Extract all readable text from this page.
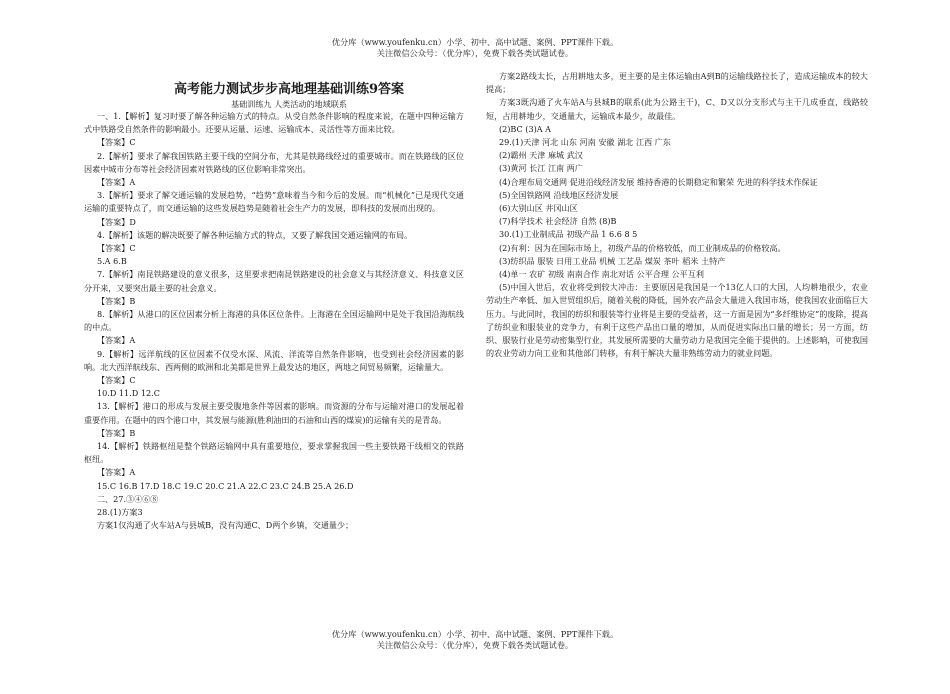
优分库（www.youfenku.cn）小学、初中、高中试题、案例、PPT课件下载。
关注微信公众号：（优分库），免费下载各类试题试卷。
高考能力测试步步高地理基础训练9答案
基础训练九 人类活动的地域联系

一、1.【解析】复习时要了解各种运输方式的特点。从受自然条件影响的程度来说，在题中四种运输方式中铁路受自然条件的影响最小。还要从运量、运速、运输成本、灵活性等方面来比较。

【答案】C

2.【解析】要求了解我国铁路主要干线的空间分布，尤其是铁路线经过的重要城市。而在铁路线的区位因素中城市分布等社会经济因素对铁路线的区位影响非常突出。

【答案】A

3.【解析】要求了解交通运输的发展趋势，“趋势”意味着当今和今后的发展。而“机械化”已是现代交通运输的重要特点了，而交通运输的这些发展趋势是随着社会生产力的发展，即科技的发展而出现的。

【答案】D

4.【解析】该题的解决既要了解各种运输方式的特点，又要了解我国交通运输网的布局。

【答案】C

5.A 6.B

7.【解析】南昆铁路建设的意义很多，这里要求把南昆铁路建设的社会意义与其经济意义、科技意义区分开来，又要突出最主要的社会意义。

【答案】B

8.【解析】从港口的区位因素分析上海港的具体区位条件。上海港在全国运输网中是处于我国沿海航线的中点。

【答案】A

9.【解析】远洋航线的区位因素不仅受水深、风流、洋流等自然条件影响，也受到社会经济因素的影响。北大西洋航线东、西两侧的欧洲和北美都是世界上最发达的地区，两地之间贸易频繁，运输量大。

【答案】C

10.D 11.D 12.C

13.【解析】港口的形成与发展主要受腹地条件等因素的影响。而资源的分布与运输对港口的发展起着重要作用。在题中的四个港口中，其发展与能源(胜利油田的石油和山西的煤炭)的运输有关的是青岛。

【答案】B

14.【解析】铁路枢纽是整个铁路运输网中具有重要地位，要求掌握我国一些主要铁路干线相交的铁路枢纽。

【答案】A

15.C 16.B 17.D 18.C 19.C 20.C 21.A 22.C 23.C 24.B 25.A 26.D

二、27.③④⑥⑧

28.(1)方案3

方案1仅沟通了火车站A与县城B，没有沟通C、D两个乡镇，交通量少；

方案2路线太长，占用耕地太多，更主要的是主体运输由A到B的运输线路拉长了，造成运输成本的较大提高；

方案3既沟通了火车站A与县城B的联系(此为公路主干)，C、D又以分支形式与主干几成垂直，线路较短，占用耕地少，交通量大，运输成本最少，故最佳。

(2)BC (3)A A

29.(1)天津 河北 山东 河南 安徽 湖北 江西 广东

(2)霸州 天津 麻城 武汉

(3)黄河 长江 江南 两广

(4)合理布局交通网 促进沿线经济发展 维持香港的长期稳定和繁荣 先进的科学技术作保证

(5)全国铁路网 沿线地区经济发展

(6)大别山区 井冈山区

(7)科学技术 社会经济 自然 (8)B

30.(1)工业制成品 初级产品 1 6.6 8 5

(2)有利：因为在国际市场上，初级产品的价格较低，而工业制成品的价格较高。

(3)纺织品 服装 日用工业品 机械 工艺品 煤炭 茶叶 稻米 土特产

(4)单一 农矿 初级 南南合作 南北对话 公平合理 公平互利

(5)中国入世后，农业将受到较大冲击：主要原因是我国是一个13亿人口的大国，人均耕地很少，农业劳动生产率低、加入世贸组织后，随着关税的降低，国外农产品会大量进入我国市场，使我国农业面临巨大压力。与此同时，我国的纺织和服装等行业将是主要的受益者，这一方面是因为“多纤维协定”的废除，提高了纺织业和服装业的竞争力，有利于这些产品出口量的增加，从而促进实际出口量的增长；另一方面，纺织、服装行业是劳动密集型行业，其发展所需要的大量劳动力是我国完全能于提供的。上述影响，可使我国的农业劳动力向工业和其他部门转移，有利于解决大量非熟练劳动力的就业问题。

优分库（www.youfenku.cn）小学、初中、高中试题、案例、PPT课件下载。
关注微信公众号：（优分库），免费下载各类试题试卷。
